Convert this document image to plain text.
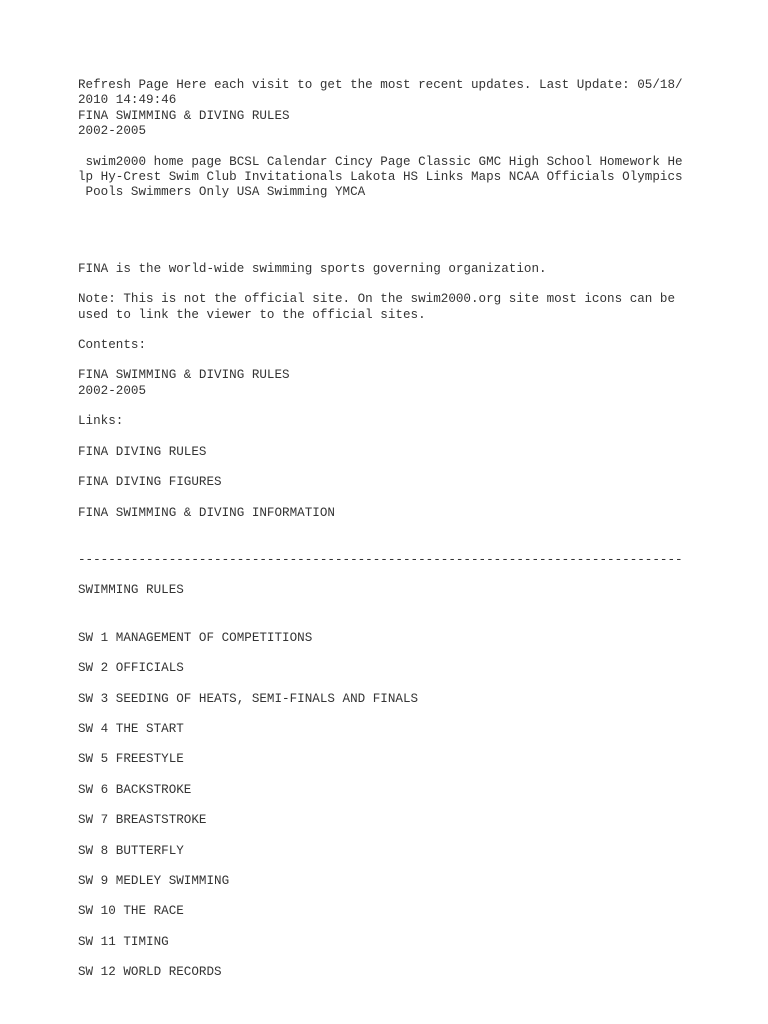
Refresh Page Here each visit to get the most recent updates. Last Update: 05/18/
2010 14:49:46
FINA SWIMMING & DIVING RULES
2002-2005
swim2000 home page BCSL Calendar Cincy Page Classic GMC High School Homework He
lp Hy-Crest Swim Club Invitationals Lakota HS Links Maps NCAA Officials Olympics
Pools Swimmers Only USA Swimming YMCA
FINA is the world-wide swimming sports governing organization.
Note: This is not the official site. On the swim2000.org site most icons can be
used to link the viewer to the official sites.
Contents:
FINA SWIMMING & DIVING RULES
2002-2005
Links:
FINA DIVING RULES
FINA DIVING FIGURES
FINA SWIMMING & DIVING INFORMATION
--------------------------------------------------------------------------------
SWIMMING RULES
SW 1 MANAGEMENT OF COMPETITIONS
SW 2 OFFICIALS
SW 3 SEEDING OF HEATS, SEMI-FINALS AND FINALS
SW 4 THE START
SW 5 FREESTYLE
SW 6 BACKSTROKE
SW 7 BREASTSTROKE
SW 8 BUTTERFLY
SW 9 MEDLEY SWIMMING
SW 10 THE RACE
SW 11 TIMING
SW 12 WORLD RECORDS
